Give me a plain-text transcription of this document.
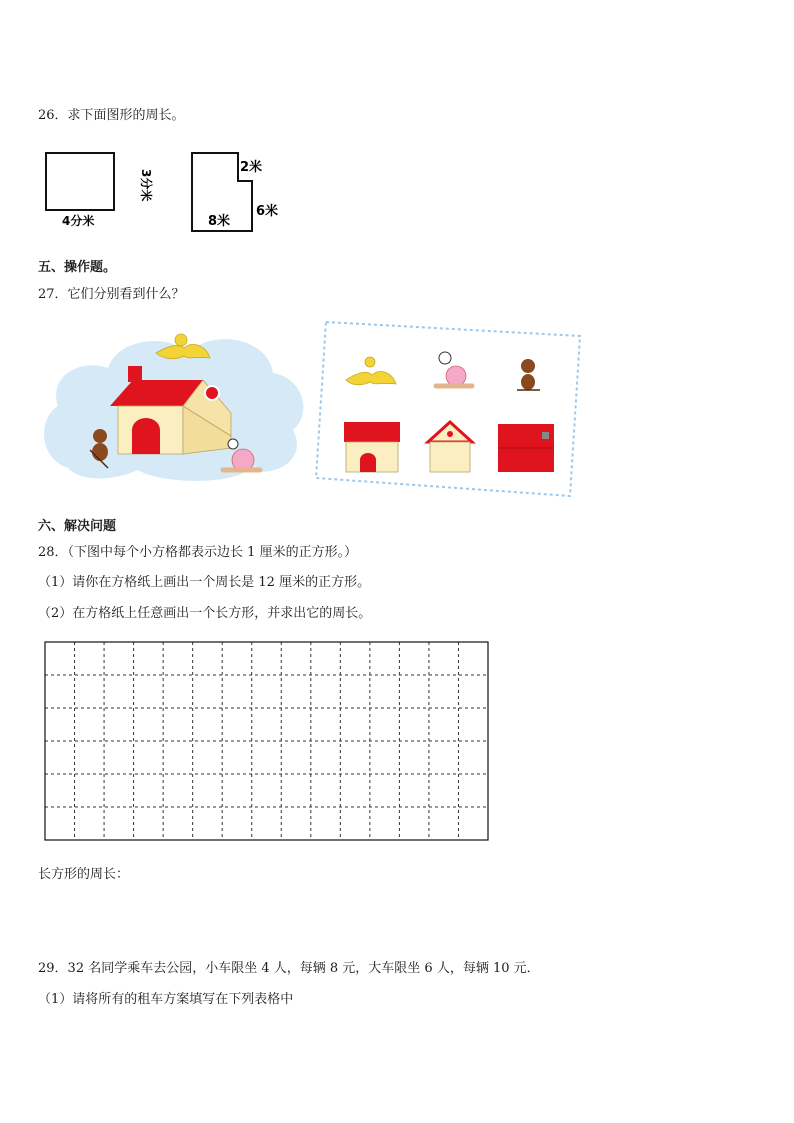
26．求下面图形的周长。
3分米
4分米
2米
8米
6米
五、操作题。
27．它们分别看到什么？
六、解决问题
28．（下图中每个小方格都表示边长 1 厘米的正方形。）
（1）请你在方格纸上画出一个周长是 12 厘米的正方形。
（2）在方格纸上任意画出一个长方形，并求出它的周长。
长方形的周长：
29．32 名同学乘车去公园，小车限坐 4 人，每辆 8 元，大车限坐 6 人，每辆 10 元．
（1）请将所有的租车方案填写在下列表格中
